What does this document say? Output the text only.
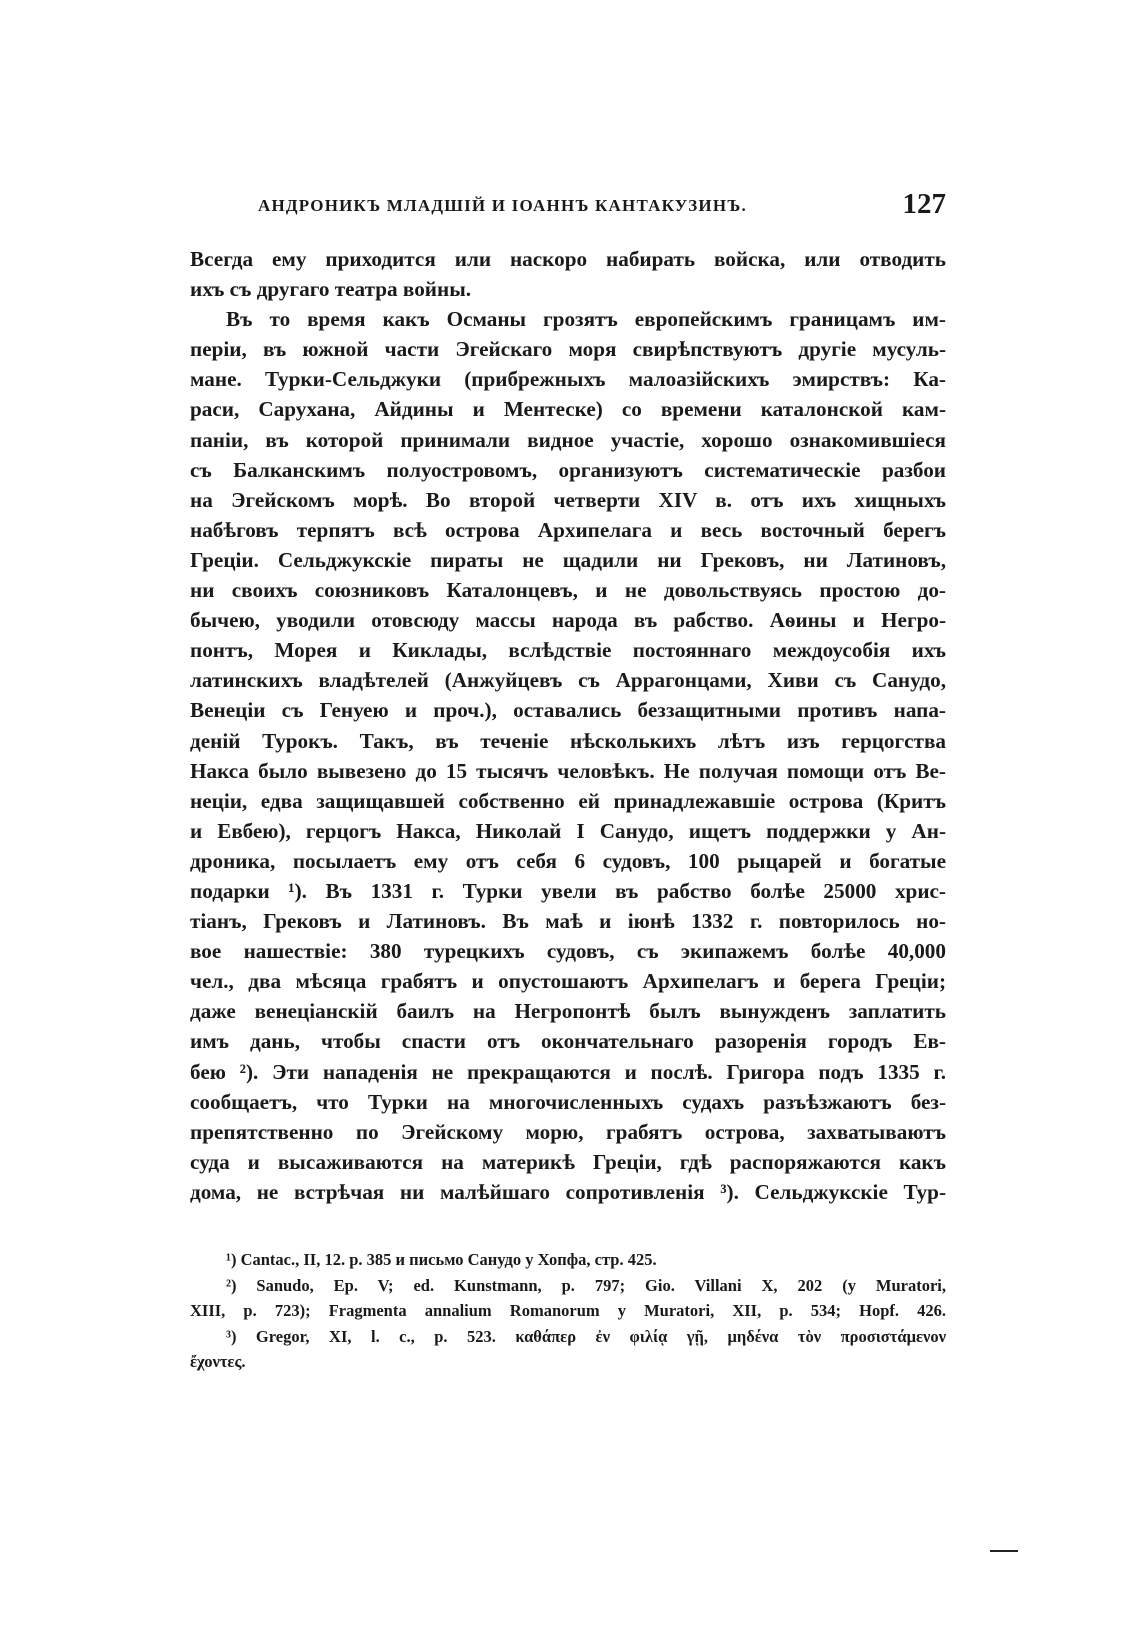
АНДРОНИКЪ МЛАДШІЙ И ІОАННЪ КАНТАКУЗИНЪ.	127
Всегда ему приходится или наскоро набирать войска, или отводить
ихъ съ другаго театра войны.
Въ то время какъ Османы грозятъ европейскимъ границамъ им-
періи, въ южной части Эгейскаго моря свирѣпствуютъ другіе мусуль-
мане. Турки-Сельджуки (прибрежныхъ малоазійскихъ эмирствъ: Ка-
раси, Саруханa, Айдины и Ментеске) со времени каталонской кам-
паніи, въ которой принимали видное участіе, хорошо ознакомившіеся
съ Балканскимъ полуостровомъ, организуютъ систематическіе разбои
на Эгейскомъ морѣ. Во второй четверти XIV в. отъ ихъ хищныхъ
набѣговъ терпятъ всѣ острова Архипелага и весь восточный берегъ
Греціи. Сельджукскіе пираты не щадили ни Грековъ, ни Латиновъ,
ни своихъ союзниковъ Каталонцевъ, и не довольствуясь простою до-
бычею, уводили отовсюду массы народа въ рабство. Аѳины и Негро-
понтъ, Морея и Киклады, вслѣдствіе постояннаго междоусобія ихъ
латинскихъ владѣтелей (Анжуйцевъ съ Аррагонцами, Хиви съ Санудо,
Венеціи съ Генуею и проч.), оставались беззащитными противъ напа-
деній Турокъ. Такъ, въ теченіе нѣсколькихъ лѣтъ изъ герцогства
Накса было вывезено до 15 тысячъ человѣкъ. Не получая помощи отъ Ве-
неціи, едва защищавшей собственно ей принадлежавшіе острова (Критъ
и Евбею), герцогъ Накса, Николай I Санудо, ищетъ поддержки у Ан-
дроника, посылаетъ ему отъ себя 6 судовъ, 100 рыцарей и богатые
подарки ¹). Въ 1331 г. Турки увели въ рабство болѣе 25000 хрис-
тіанъ, Грековъ и Латиновъ. Въ маѣ и іюнѣ 1332 г. повторилось но-
вое нашествіе: 380 турецкихъ судовъ, съ экипажемъ болѣе 40,000
чел., два мѣсяца грабятъ и опустошаютъ Архипелагъ и берега Греціи;
даже венеціанскій баилъ на Негропонтѣ былъ вынужденъ заплатить
имъ дань, чтобы спасти отъ окончательнаго разоренія городъ Ев-
бею ²). Эти нападенія не прекращаются и послѣ. Григора подъ 1335 г.
сообщаетъ, что Турки на многочисленныхъ судахъ разъѣзжаютъ без-
препятственно по Эгейскому морю, грабятъ острова, захватываютъ
суда и высаживаются на материкѣ Греціи, гдѣ распоряжаются какъ
дома, не встрѣчая ни малѣйшаго сопротивленія ³). Сельджукскіе Тур-
¹) Cantac., II, 12. p. 385 и письмо Санудо у Хопфа, стр. 425.
²) Sanudo, Ep. V; ed. Kunstmann, p. 797; Gio. Villani X, 202 (у Muratori,
XIII, p. 723); Fragmenta annalium Romanorum у Muratori, XII, p. 534; Hopf. 426.
³) Gregor, XI, l. c., p. 523. καθάπερ ἐν φιλίᾳ γῇ, μηδένα τὸν προσιστάμενον
ἔχοντες.
